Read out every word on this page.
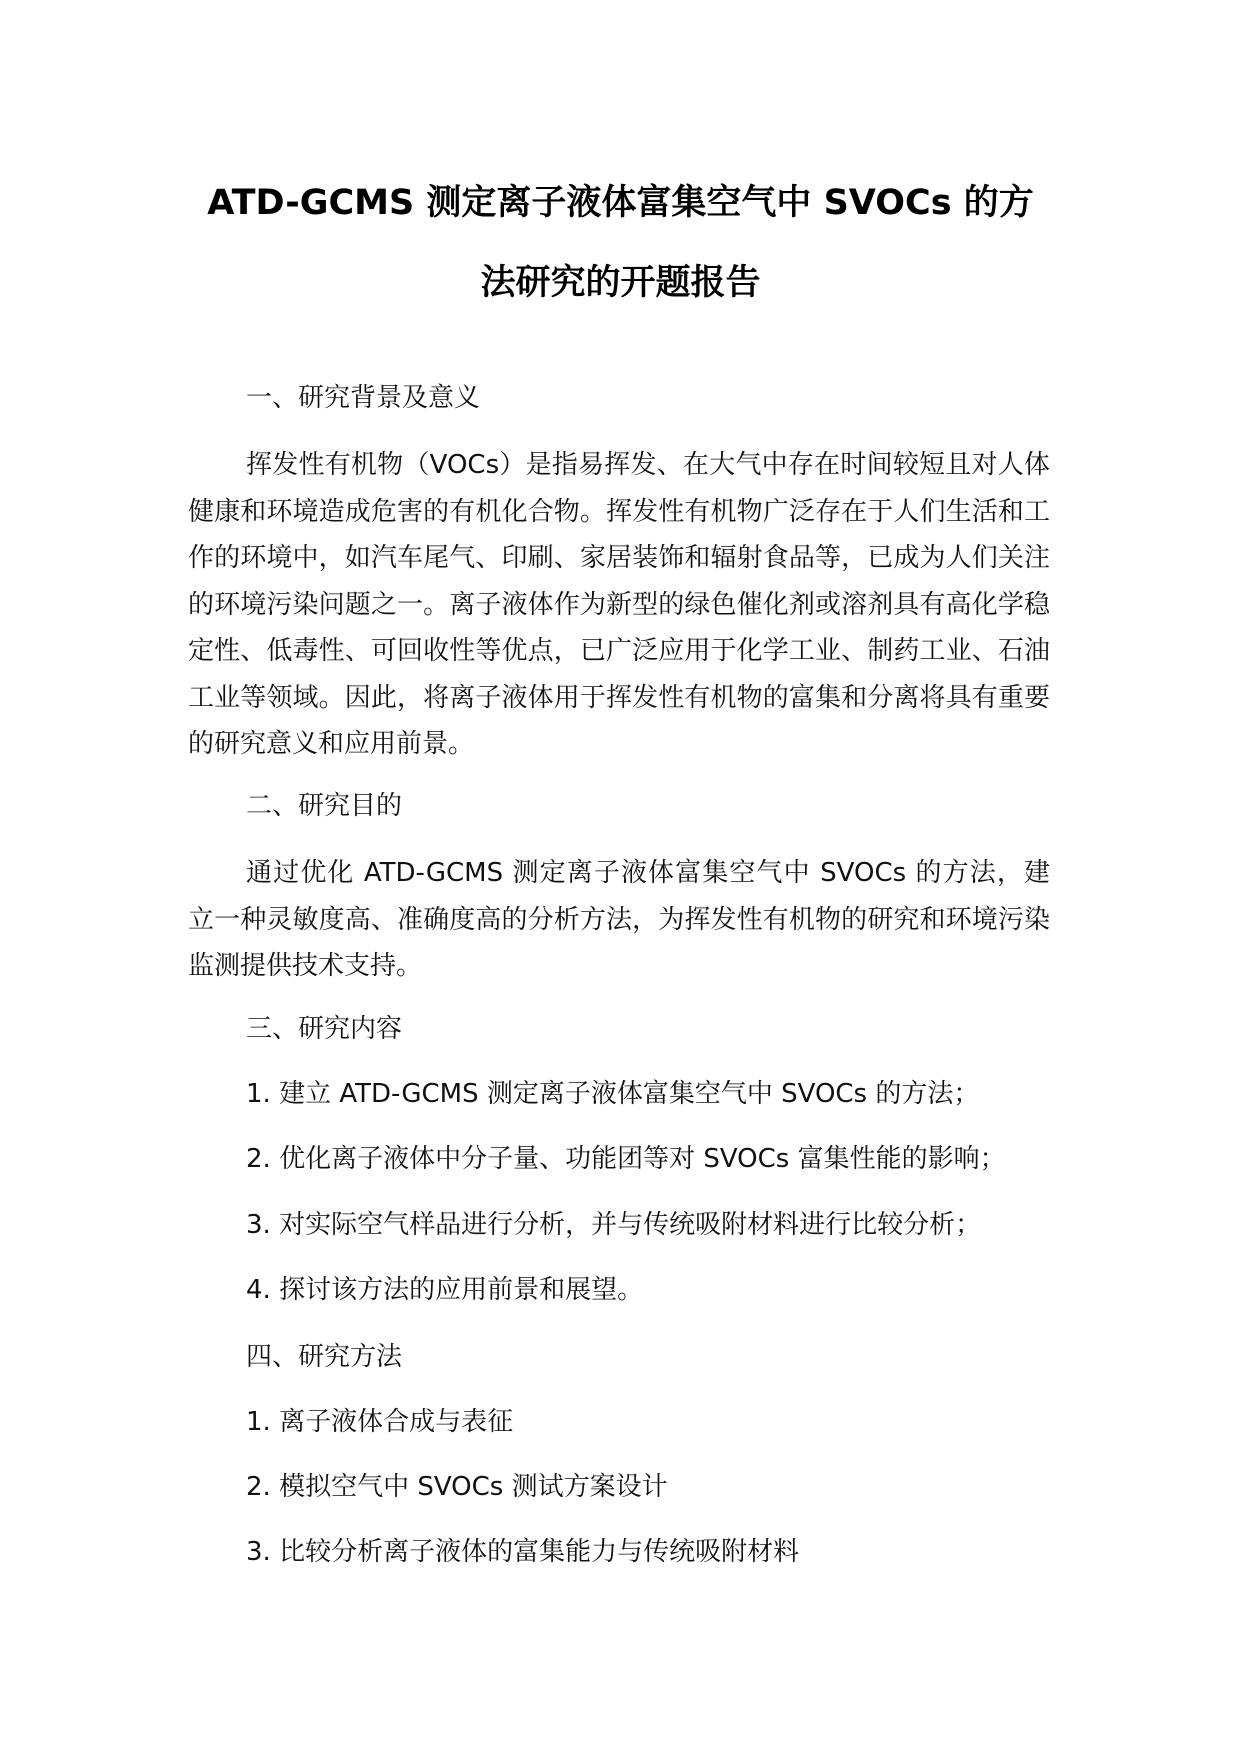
ATD-GCMS 测定离子液体富集空气中 SVOCs 的方
法研究的开题报告
一、研究背景及意义
挥发性有机物（VOCs）是指易挥发、在大气中存在时间较短且对人体健康和环境造成危害的有机化合物。挥发性有机物广泛存在于人们生活和工作的环境中，如汽车尾气、印刷、家居装饰和辐射食品等，已成为人们关注的环境污染问题之一。离子液体作为新型的绿色催化剂或溶剂具有高化学稳定性、低毒性、可回收性等优点，已广泛应用于化学工业、制药工业、石油工业等领域。因此，将离子液体用于挥发性有机物的富集和分离将具有重要的研究意义和应用前景。
二、研究目的
通过优化 ATD-GCMS 测定离子液体富集空气中 SVOCs 的方法，建立一种灵敏度高、准确度高的分析方法，为挥发性有机物的研究和环境污染监测提供技术支持。
三、研究内容
1. 建立 ATD-GCMS 测定离子液体富集空气中 SVOCs 的方法；
2. 优化离子液体中分子量、功能团等对 SVOCs 富集性能的影响；
3. 对实际空气样品进行分析，并与传统吸附材料进行比较分析；
4. 探讨该方法的应用前景和展望。
四、研究方法
1. 离子液体合成与表征
2. 模拟空气中 SVOCs 测试方案设计
3. 比较分析离子液体的富集能力与传统吸附材料
